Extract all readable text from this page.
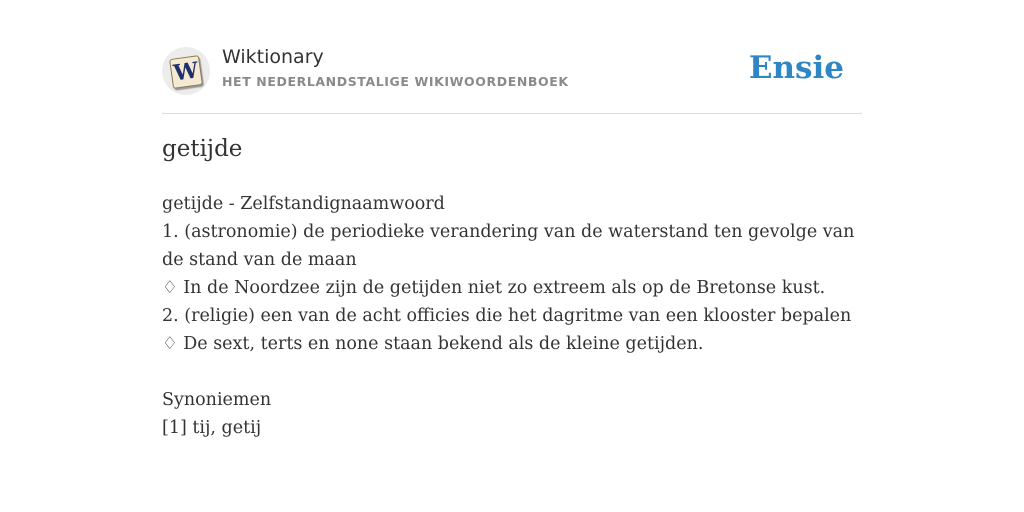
W
Wiktionary
HET NEDERLANDSTALIGE WIKIWOORDENBOEK	Ensie
getijde
getijde - Zelfstandignaamwoord
1. (astronomie) de periodieke verandering van de waterstand ten gevolge van de stand van de maan
♢ In de Noordzee zijn de getijden niet zo extreem als op de Bretonse kust.
2. (religie) een van de acht officies die het dagritme van een klooster bepalen
♢ De sext, terts en none staan bekend als de kleine getijden.
Synoniemen
[1] tij, getij
